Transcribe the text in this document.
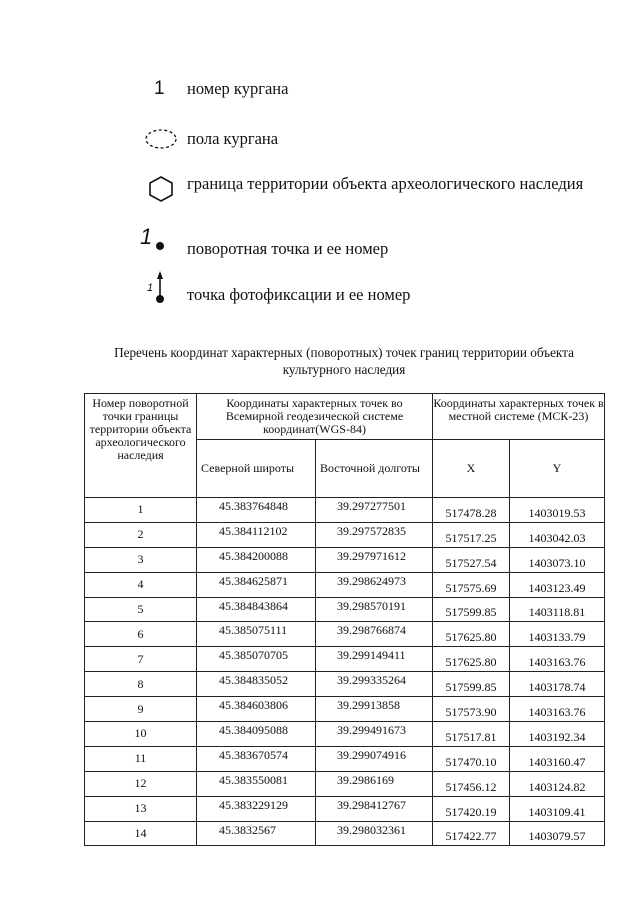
1 номер кургана
пола кургана
граница территории объекта археологического наследия
1 поворотная точка и ее номер
1 точка фотофиксации и ее номер
Перечень координат характерных (поворотных) точек границ территории объекта культурного наследия
Номер поворотной точки границы территории объекта археологического наследия	Координаты характерных точек во Всемирной геодезической системе координат(WGS-84)		Координаты характерных точек в местной системе (МСК-23)	
	Северной широты	Восточной долготы	X	Y
1	45.383764848	39.297277501	517478.28	1403019.53
2	45.384112102	39.297572835	517517.25	1403042.03
3	45.384200088	39.297971612	517527.54	1403073.10
4	45.384625871	39.298624973	517575.69	1403123.49
5	45.384843864	39.298570191	517599.85	1403118.81
6	45.385075111	39.298766874	517625.80	1403133.79
7	45.385070705	39.299149411	517625.80	1403163.76
8	45.384835052	39.299335264	517599.85	1403178.74
9	45.384603806	39.29913858	517573.90	1403163.76
10	45.384095088	39.299491673	517517.81	1403192.34
11	45.383670574	39.299074916	517470.10	1403160.47
12	45.383550081	39.2986169	517456.12	1403124.82
13	45.383229129	39.298412767	517420.19	1403109.41
14	45.3832567	39.298032361	517422.77	1403079.57
